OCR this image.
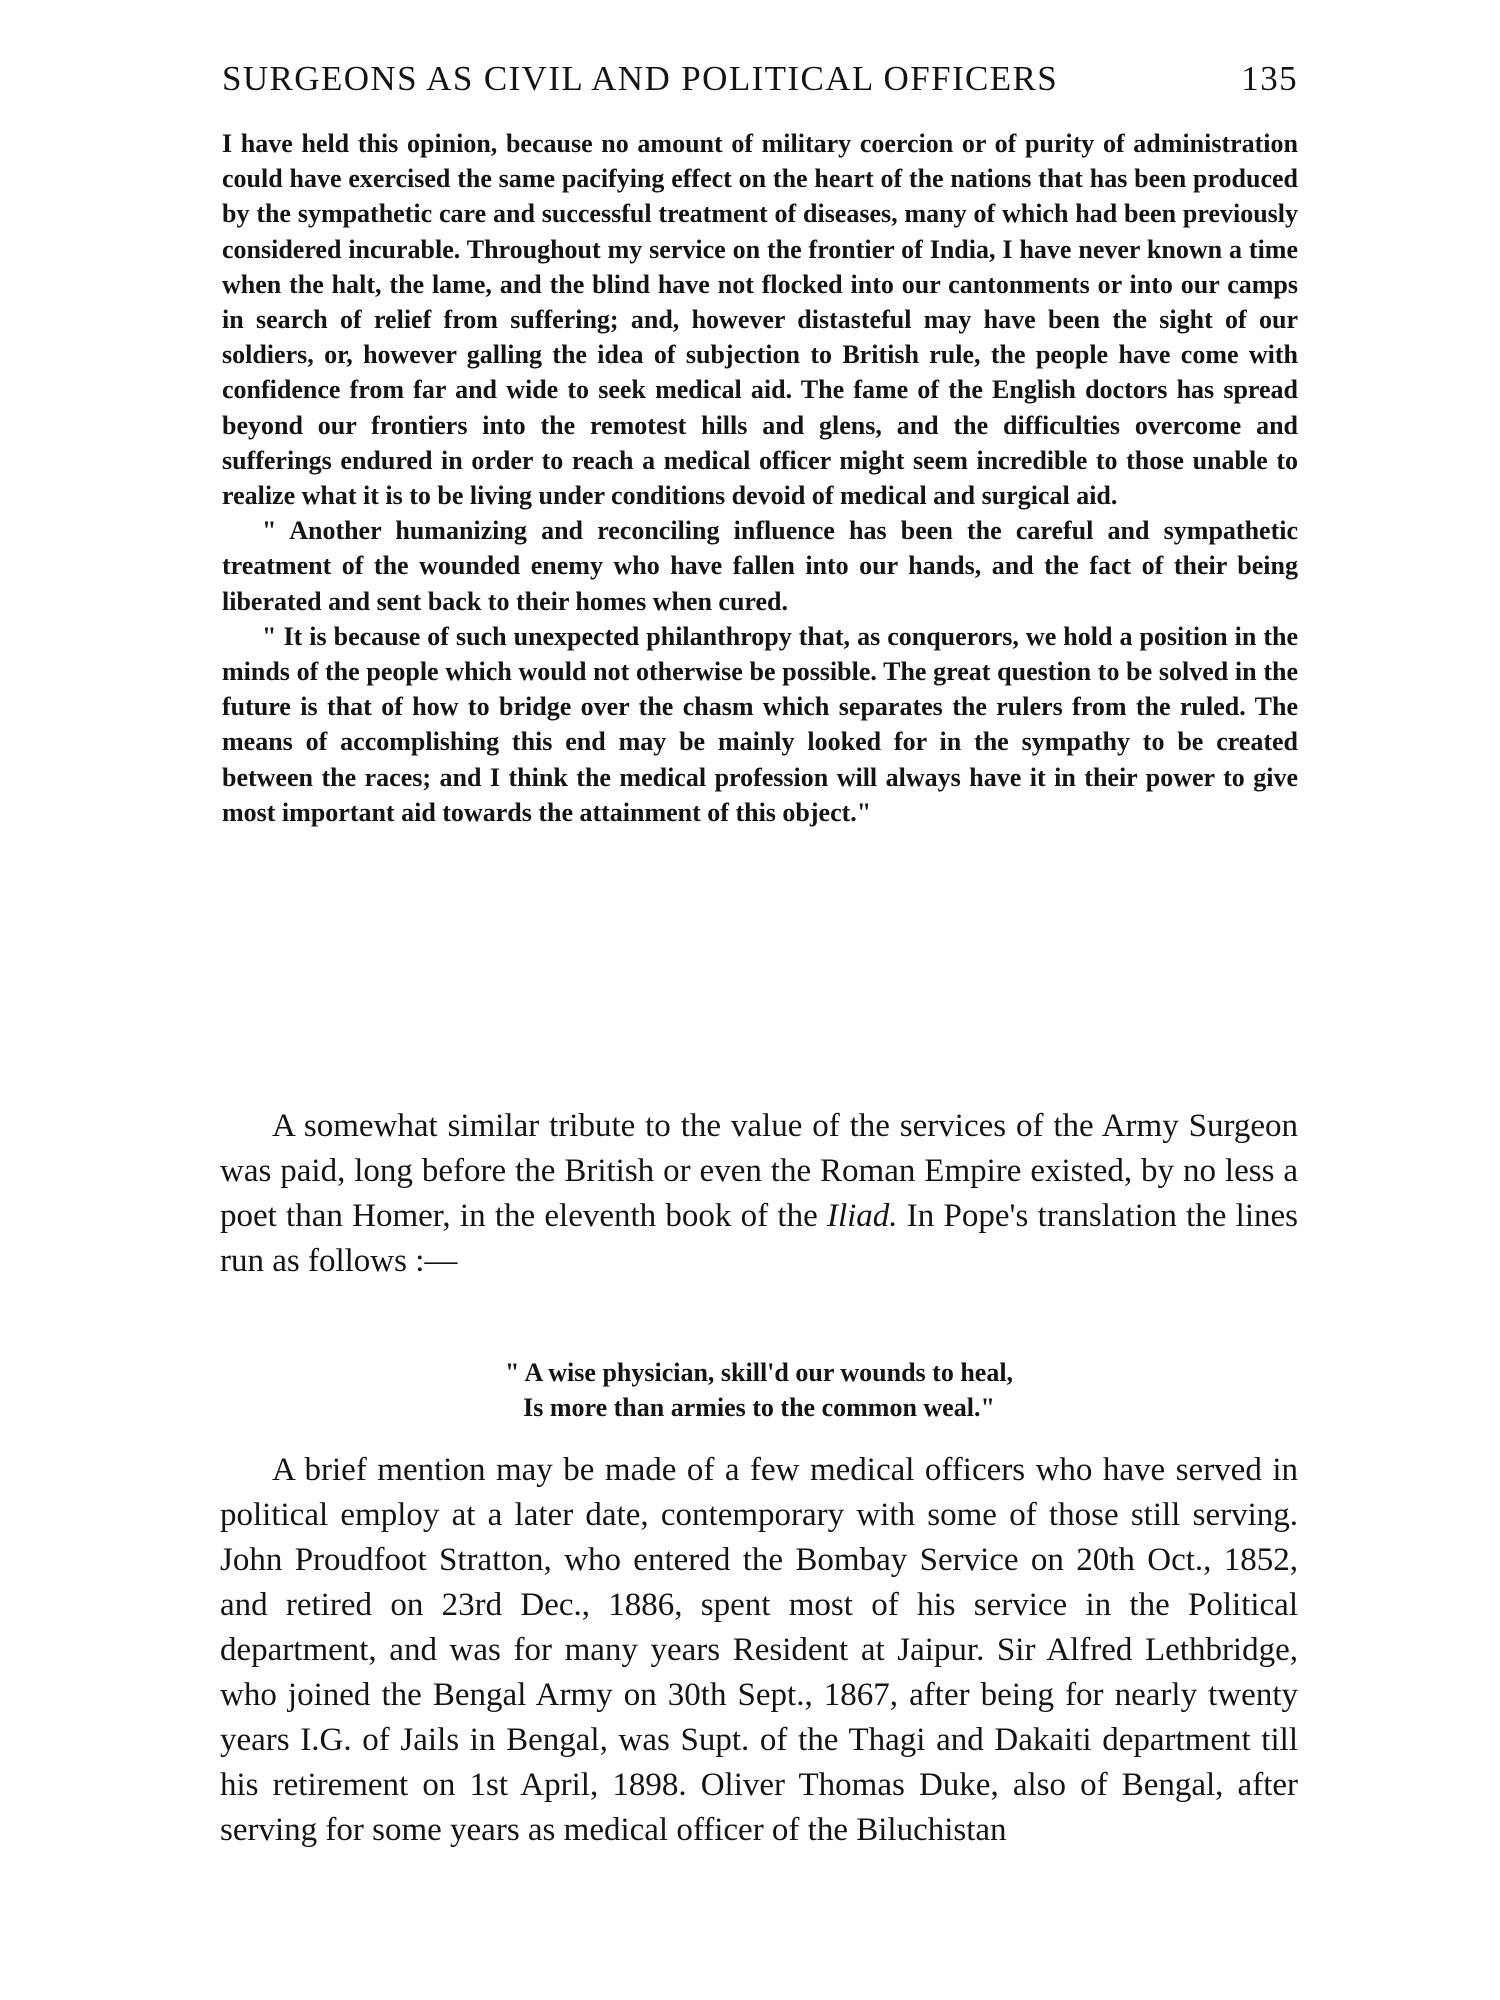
SURGEONS AS CIVIL AND POLITICAL OFFICERS	135

I have held this opinion, because no amount of military coercion or of purity of administration could have exercised the same pacifying effect on the heart of the nations that has been produced by the sympathetic care and successful treatment of diseases, many of which had been previously considered incurable. Throughout my service on the frontier of India, I have never known a time when the halt, the lame, and the blind have not flocked into our cantonments or into our camps in search of relief from suffering; and, however distasteful may have been the sight of our soldiers, or, however galling the idea of subjection to British rule, the people have come with confidence from far and wide to seek medical aid. The fame of the English doctors has spread beyond our frontiers into the remotest hills and glens, and the difficulties overcome and sufferings endured in order to reach a medical officer might seem incredible to those unable to realize what it is to be living under conditions devoid of medical and surgical aid.

" Another humanizing and reconciling influence has been the careful and sympathetic treatment of the wounded enemy who have fallen into our hands, and the fact of their being liberated and sent back to their homes when cured.

" It is because of such unexpected philanthropy that, as conquerors, we hold a position in the minds of the people which would not otherwise be possible. The great question to be solved in the future is that of how to bridge over the chasm which separates the rulers from the ruled. The means of accomplishing this end may be mainly looked for in the sympathy to be created between the races; and I think the medical profession will always have it in their power to give most important aid towards the attainment of this object."

A somewhat similar tribute to the value of the services of the Army Surgeon was paid, long before the British or even the Roman Empire existed, by no less a poet than Homer, in the eleventh book of the Iliad. In Pope's translation the lines run as follows :—

" A wise physician, skill'd our wounds to heal,
Is more than armies to the common weal."

A brief mention may be made of a few medical officers who have served in political employ at a later date, contemporary with some of those still serving. John Proudfoot Stratton, who entered the Bombay Service on 20th Oct., 1852, and retired on 23rd Dec., 1886, spent most of his service in the Political department, and was for many years Resident at Jaipur. Sir Alfred Lethbridge, who joined the Bengal Army on 30th Sept., 1867, after being for nearly twenty years I.G. of Jails in Bengal, was Supt. of the Thagi and Dakaiti department till his retirement on 1st April, 1898. Oliver Thomas Duke, also of Bengal, after serving for some years as medical officer of the Biluchistan
